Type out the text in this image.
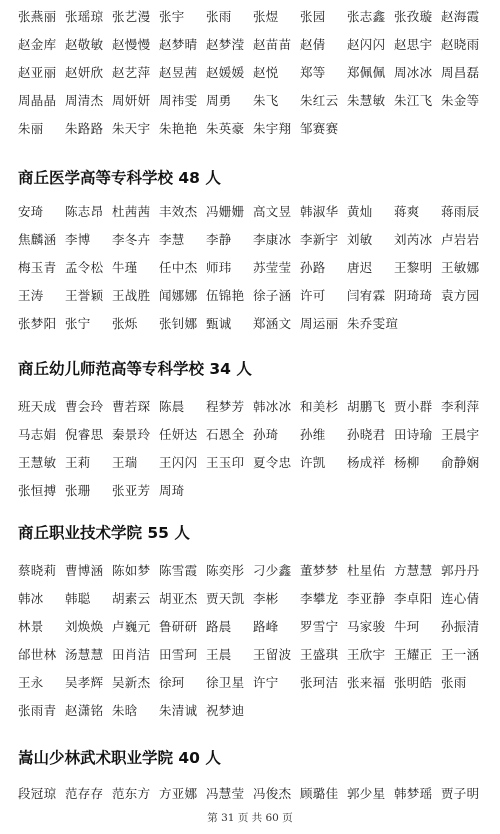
张燕丽 张瑶琼 张艺漫 张宇	张雨	张煜	张园	张志鑫 张孜璇 赵海霞
赵金库 赵敬敏 赵慢慢 赵梦晴 赵梦滢 赵苗苗 赵倩	赵闪闪 赵思宇 赵晓雨
赵亚丽 赵妍欣 赵艺萍 赵昱茜 赵媛媛 赵悦	郑等	郑佩佩 周冰冰 周昌磊
周晶晶 周清杰 周妍妍 周祎雯 周勇	朱飞	朱红云 朱慧敏 朱江飞 朱金等
朱丽	朱路路 朱天宇 朱艳艳 朱英豪 朱宇翔 邹赛赛
商丘医学高等专科学校 48 人
安琦	陈志昂 杜茜茜 丰效杰 冯姗姗 高文昱 韩淑华 黄灿	蒋爽	蒋雨辰
焦麟涵 李博	李冬卉 李慧	李静	李康冰 李新宇 刘敏	刘芮冰 卢岩岩
梅玉青 孟令松 牛瑾	任中杰 师玮	苏莹莹 孙路	唐迟	王黎明 王敏娜
王涛	王誉颖 王战胜 闻娜娜 伍锦艳 徐子涵 许可	闫宥霖 阴琦琦 袁方园
张梦阳 张宁	张烁	张钊娜 甄诚	郑涵文 周运丽 朱乔雯瑄
商丘幼儿师范高等专科学校 34 人
班天成 曹会玲 曹若琛 陈晨	程梦芳 韩冰冰 和美杉 胡鹏飞 贾小群 李利萍
马志娟 倪睿思 秦景玲 任妍达 石恩全 孙琦	孙维	孙晓君 田诗瑜 王晨宇
王慧敏 王莉	王瑞	王闪闪 王玉印 夏令忠 许凯	杨成祥 杨柳	俞静娴
张恒搏 张珊	张亚芳 周琦
商丘职业技术学院 55 人
蔡晓莉 曹博涵 陈如梦 陈雪霞 陈奕彤 刁少鑫 董梦梦 杜星佑 方慧慧 郭丹丹
韩冰	韩聪	胡素云 胡亚杰 贾天凯 李彬	李攀龙 李亚静 李卓阳 连心倩
林景	刘焕焕 卢巍元 鲁研研 路晨	路峰	罗雪宁 马家骏 牛珂	孙振清
邰世林 汤慧慧 田肖洁 田雪珂 王晨	王留波 王盛琪 王欣宇 王耀正 王一涵
王永	吴孝辉 吴新杰 徐珂	徐卫星 许宁	张珂洁 张来福 张明皓 张雨
张雨青 赵潇铭 朱晗	朱清诚 祝梦迪
嵩山少林武术职业学院 40 人
段冠琼 范存存 范东方 方亚娜 冯慧莹 冯俊杰 顾璐佳 郭少星 韩梦瑶 贾子明
第 31 页 共 60 页
